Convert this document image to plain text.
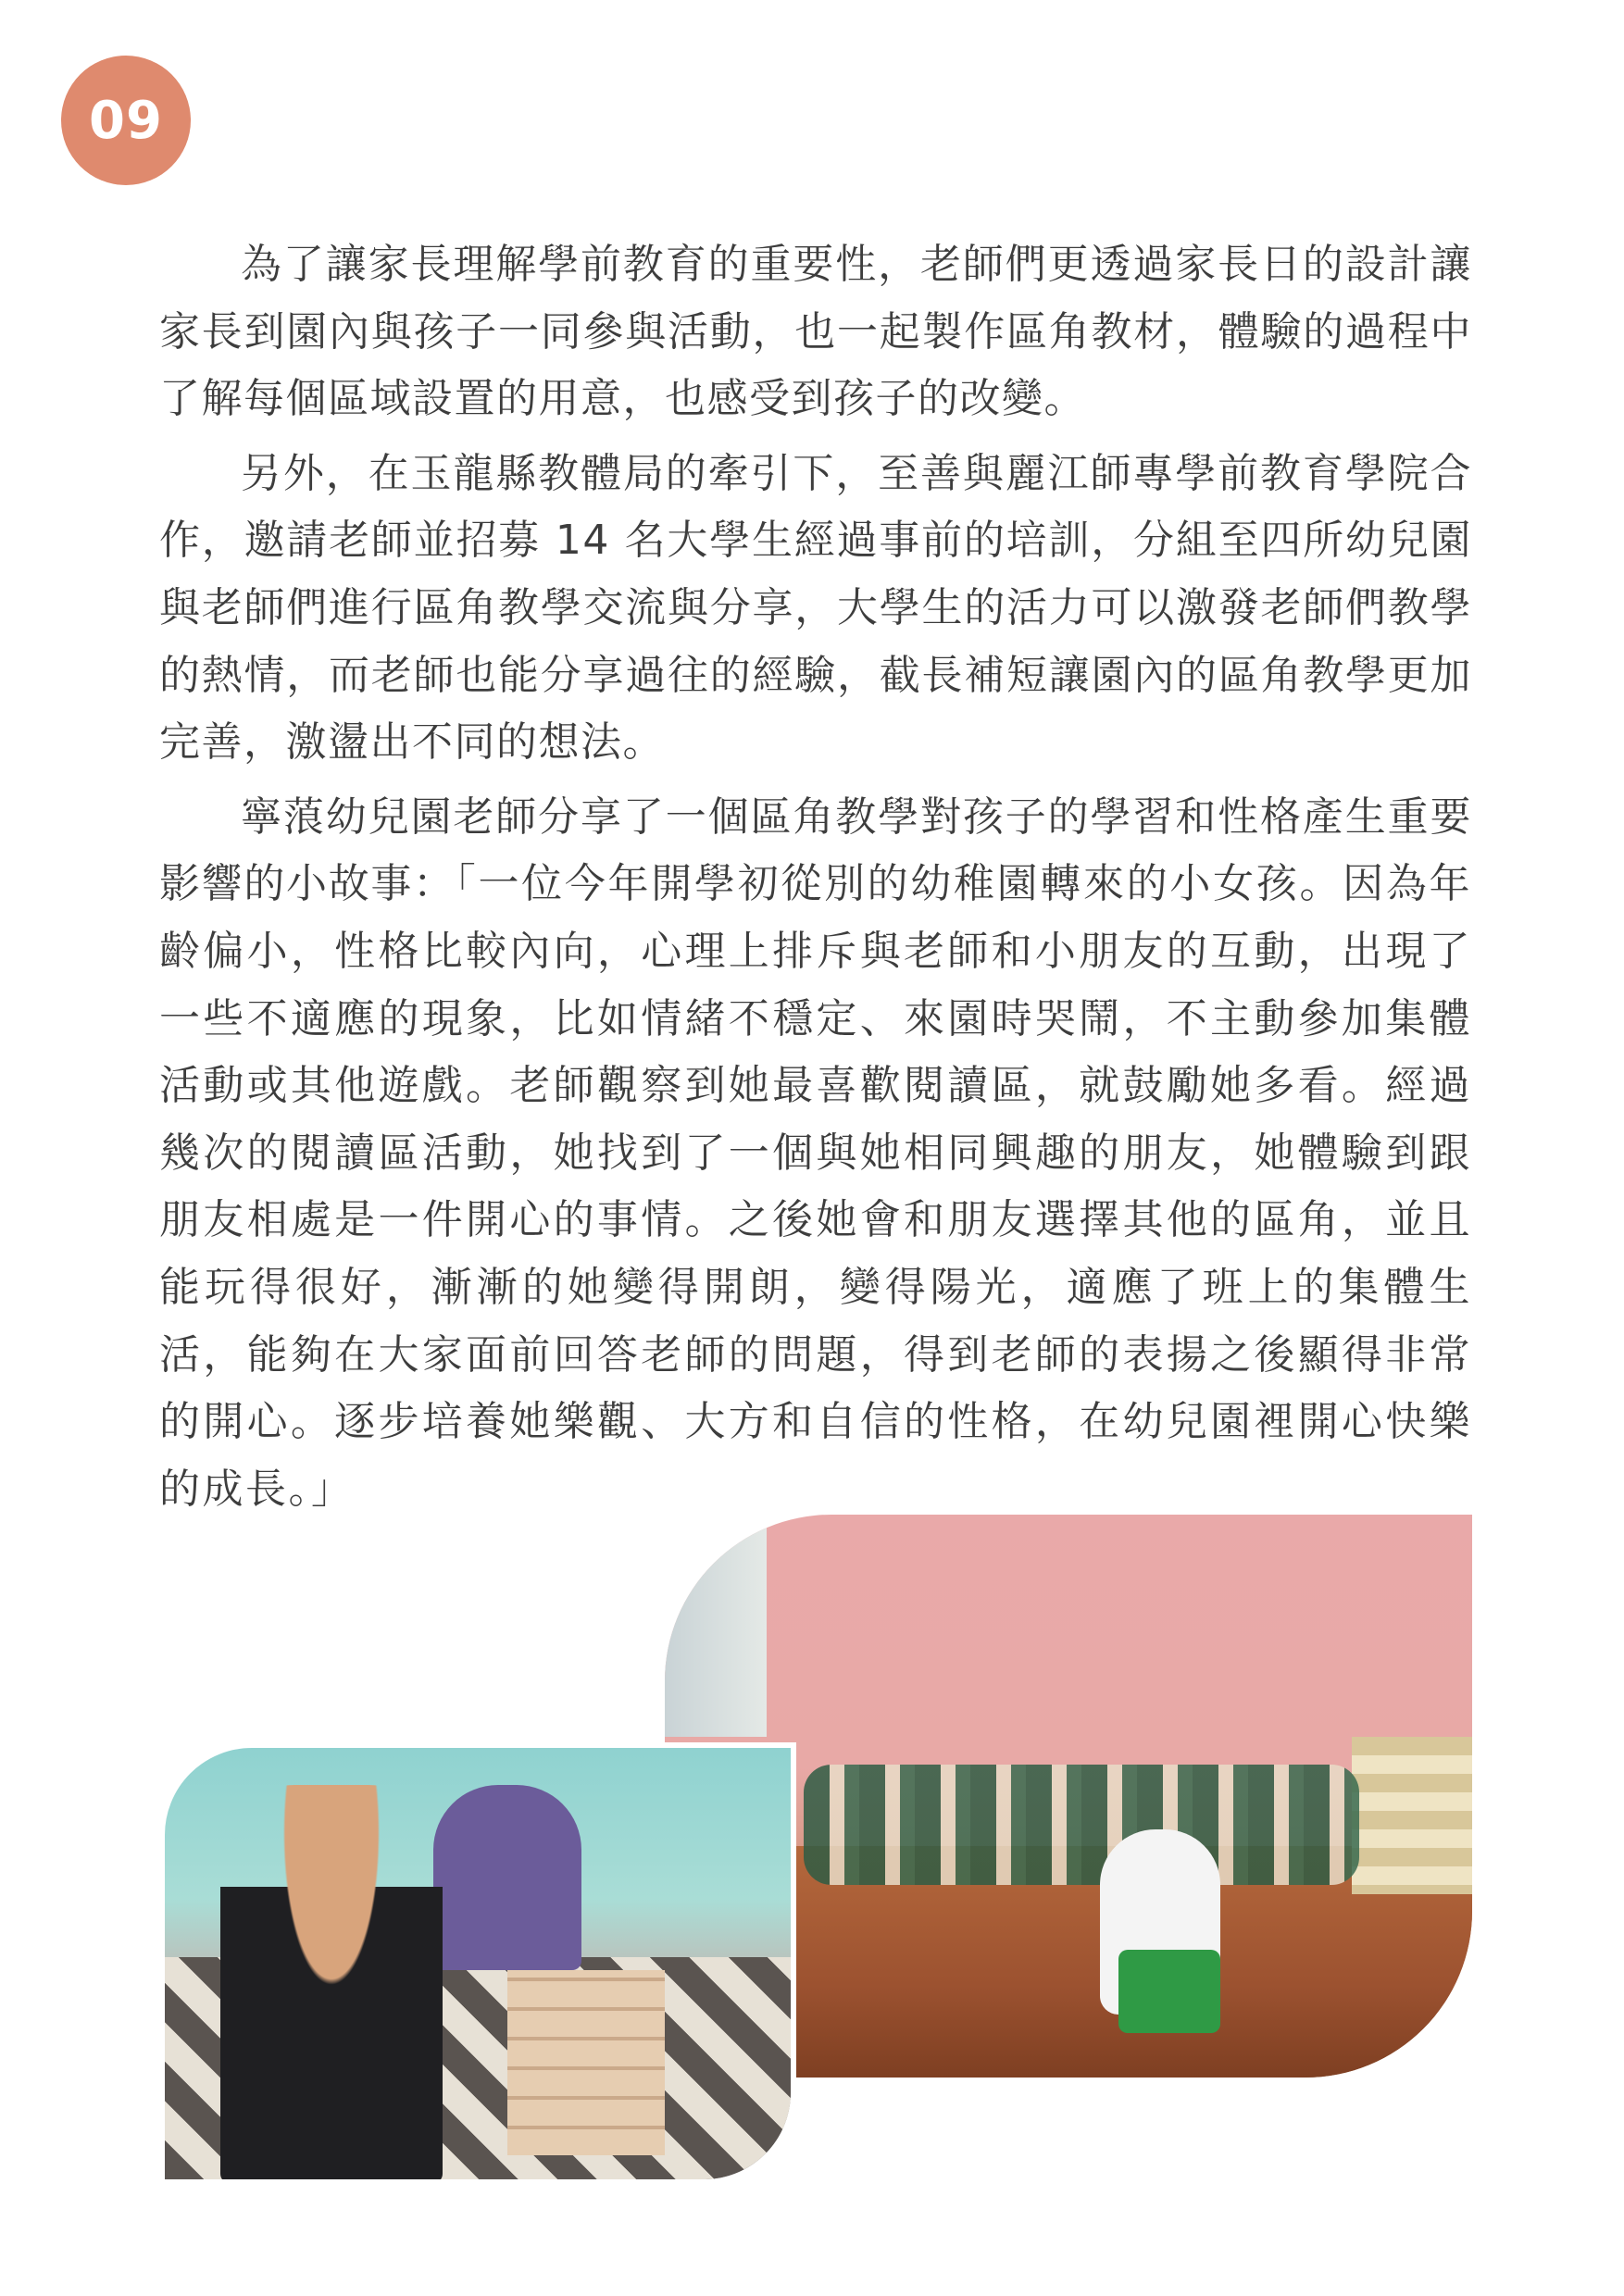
09

為了讓家長理解學前教育的重要性，老師們更透過家長日的設計讓家長到園內與孩子一同參與活動，也一起製作區角教材，體驗的過程中了解每個區域設置的用意，也感受到孩子的改變。

另外，在玉龍縣教體局的牽引下，至善與麗江師專學前教育學院合作，邀請老師並招募 14 名大學生經過事前的培訓，分組至四所幼兒園與老師們進行區角教學交流與分享，大學生的活力可以激發老師們教學的熱情，而老師也能分享過往的經驗，截長補短讓園內的區角教學更加完善，激盪出不同的想法。

寧蒗幼兒園老師分享了一個區角教學對孩子的學習和性格產生重要影響的小故事：「一位今年開學初從別的幼稚園轉來的小女孩。因為年齡偏小，性格比較內向，心理上排斥與老師和小朋友的互動，出現了一些不適應的現象，比如情緒不穩定、來園時哭鬧，不主動參加集體活動或其他遊戲。老師觀察到她最喜歡閱讀區，就鼓勵她多看。經過幾次的閱讀區活動，她找到了一個與她相同興趣的朋友，她體驗到跟朋友相處是一件開心的事情。之後她會和朋友選擇其他的區角，並且能玩得很好，漸漸的她變得開朗，變得陽光，適應了班上的集體生活，能夠在大家面前回答老師的問題，得到老師的表揚之後顯得非常的開心。逐步培養她樂觀、大方和自信的性格，在幼兒園裡開心快樂的成長。」
